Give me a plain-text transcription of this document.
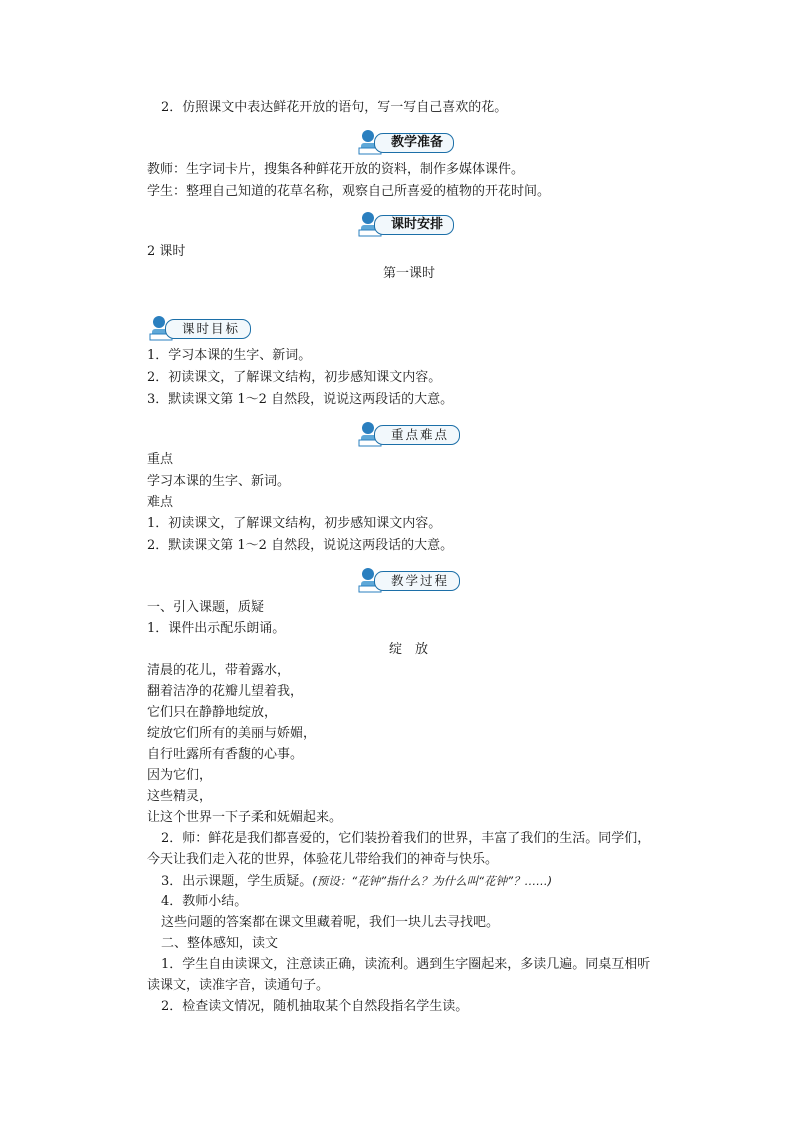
2．仿照课文中表达鲜花开放的语句，写一写自己喜欢的花。
教学准备
教师：生字词卡片，搜集各种鲜花开放的资料，制作多媒体课件。
学生：整理自己知道的花草名称，观察自己所喜爱的植物的开花时间。
课时安排
2 课时
第一课时
课时目标
1．学习本课的生字、新词。
2．初读课文，了解课文结构，初步感知课文内容。
3．默读课文第 1～2 自然段，说说这两段话的大意。
重点难点
重点
学习本课的生字、新词。
难点
1．初读课文，了解课文结构，初步感知课文内容。
2．默读课文第 1～2 自然段，说说这两段话的大意。
教学过程
一、引入课题，质疑
1．课件出示配乐朗诵。
绽　放
清晨的花儿，带着露水，
翻着洁净的花瓣儿望着我，
它们只在静静地绽放，
绽放它们所有的美丽与娇媚，
自行吐露所有香馥的心事。
因为它们，
这些精灵，
让这个世界一下子柔和妩媚起来。
2．师：鲜花是我们都喜爱的，它们装扮着我们的世界，丰富了我们的生活。同学们，
今天让我们走入花的世界，体验花儿带给我们的神奇与快乐。
3．出示课题，学生质疑。(预设：“花钟”指什么？为什么叫“花钟”？……)
4．教师小结。
这些问题的答案都在课文里藏着呢，我们一块儿去寻找吧。
二、整体感知，读文
1．学生自由读课文，注意读正确，读流利。遇到生字圈起来，多读几遍。同桌互相听
读课文，读准字音，读通句子。
2．检查读文情况，随机抽取某个自然段指名学生读。
